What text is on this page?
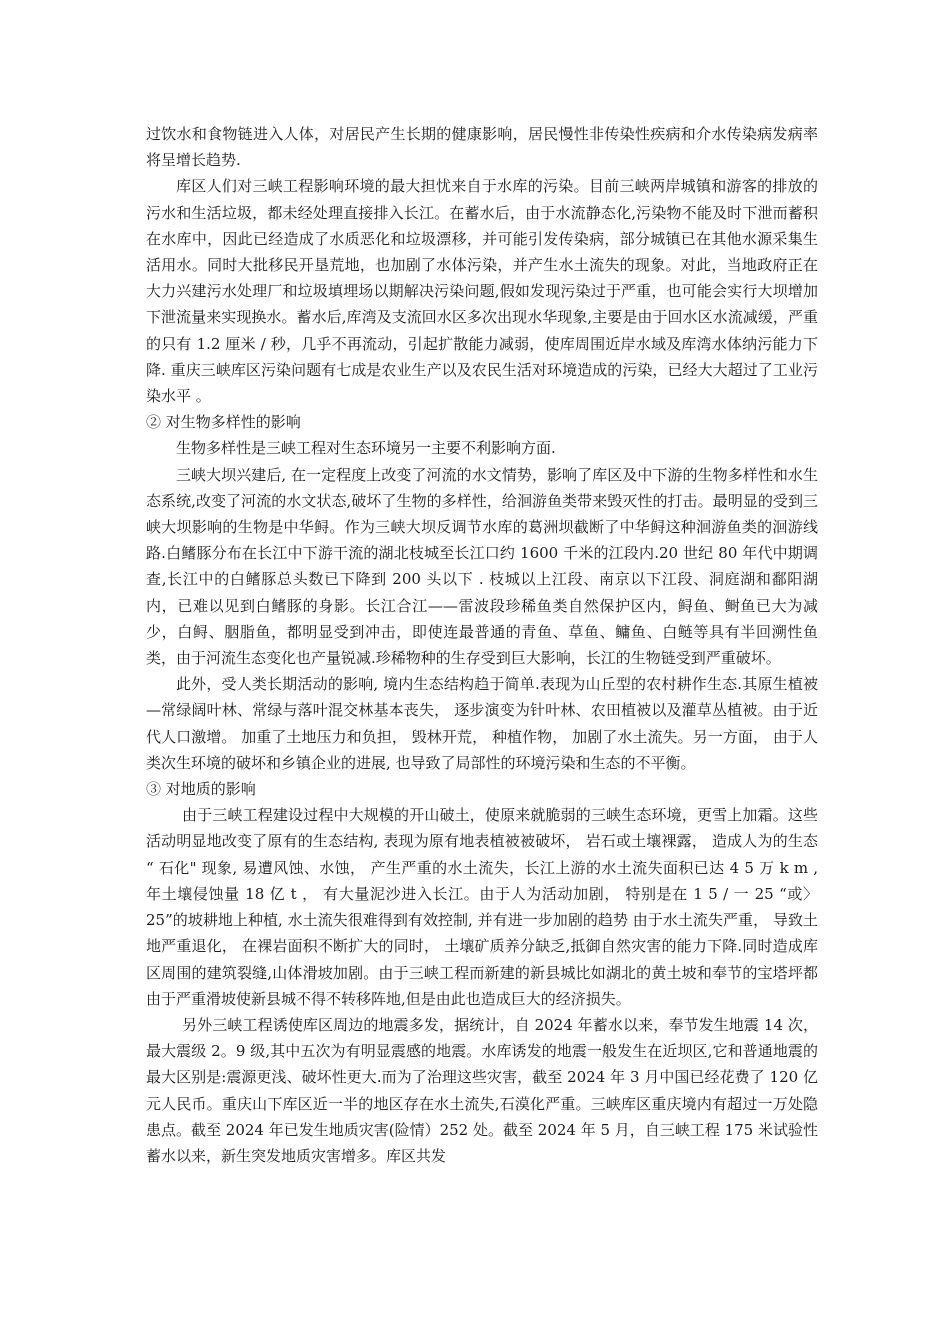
过饮水和食物链进入人体，对居民产生长期的健康影响，居民慢性非传染性疾病和介水传染病发病率将呈增长趋势.

库区人们对三峡工程影响环境的最大担忧来自于水库的污染。目前三峡两岸城镇和游客的排放的污水和生活垃圾，都未经处理直接排入长江。在蓄水后，由于水流静态化,污染物不能及时下泄而蓄积在水库中，因此已经造成了水质恶化和垃圾漂移，并可能引发传染病，部分城镇已在其他水源采集生活用水。同时大批移民开垦荒地，也加剧了水体污染，并产生水土流失的现象。对此，当地政府正在大力兴建污水处理厂和垃圾填埋场以期解决污染问题,假如发现污染过于严重，也可能会实行大坝增加下泄流量来实现换水。蓄水后,库湾及支流回水区多次出现水华现象,主要是由于回水区水流减缓，严重的只有 1.2 厘米 / 秒，几乎不再流动，引起扩散能力减弱，使库周围近岸水域及库湾水体纳污能力下降. 重庆三峡库区污染问题有七成是农业生产以及农民生活对环境造成的污染，已经大大超过了工业污染水平 。

② 对生物多样性的影响

生物多样性是三峡工程对生态环境另一主要不利影响方面.

三峡大坝兴建后, 在一定程度上改变了河流的水文情势，影响了库区及中下游的生物多样性和水生态系统,改变了河流的水文状态,破坏了生物的多样性，给洄游鱼类带来毁灭性的打击。最明显的受到三峡大坝影响的生物是中华鲟。作为三峡大坝反调节水库的葛洲坝截断了中华鲟这种洄游鱼类的洄游线路.白鳍豚分布在长江中下游干流的湖北枝城至长江口约 1600 千米的江段内.20 世纪 80 年代中期调查,长江中的白鳍豚总头数已下降到 200 头以下 . 枝城以上江段、南京以下江段、洞庭湖和鄱阳湖内，已难以见到白鳍豚的身影。长江合江——雷波段珍稀鱼类自然保护区内，鲟鱼、鲥鱼已大为减少，白鲟、胭脂鱼，都明显受到冲击，即使连最普通的青鱼、草鱼、鳙鱼、白鲢等具有半回溯性鱼类，由于河流生态变化也产量锐减.珍稀物种的生存受到巨大影响，长江的生物链受到严重破坏。

此外，受人类长期活动的影响, 境内生态结构趋于简单.表现为山丘型的农村耕作生态.其原生植被—常绿阔叶林、常绿与落叶混交林基本丧失， 逐步演变为针叶林、农田植被以及灌草丛植被。由于近代人口激增。 加重了土地压力和负担， 毁林开荒， 种植作物， 加剧了水土流失。另一方面， 由于人类次生环境的破坏和乡镇企业的进展, 也导致了局部性的环境污染和生态的不平衡。

③ 对地质的影响

由于三峡工程建设过程中大规模的开山破土，使原来就脆弱的三峡生态环境，更雪上加霜。这些活动明显地改变了原有的生态结构, 表现为原有地表植被被破坏， 岩石或土壤裸露， 造成人为的生态 “ 石化" 现象, 易遭风蚀、水蚀， 产生严重的水土流失，长江上游的水土流失面积已达 4 5 万 k m , 年土壤侵蚀量 18 亿 t ， 有大量泥沙进入长江。由于人为活动加剧， 特别是在 1 5 / 一 25 “或〉 25”的坡耕地上种植, 水土流失很难得到有效控制, 并有进一步加剧的趋势 由于水土流失严重， 导致土地严重退化， 在裸岩面积不断扩大的同时， 土壤矿质养分缺乏,抵御自然灾害的能力下降.同时造成库区周围的建筑裂缝,山体滑坡加剧。由于三峡工程而新建的新县城比如湖北的黄土坡和奉节的宝塔坪都由于严重滑坡使新县城不得不转移阵地,但是由此也造成巨大的经济损失。

另外三峡工程诱使库区周边的地震多发，据统计，自 2024 年蓄水以来，奉节发生地震 14 次，最大震级 2。9 级,其中五次为有明显震感的地震。水库诱发的地震一般发生在近坝区,它和普通地震的最大区别是:震源更浅、破坏性更大.而为了治理这些灾害，截至 2024 年 3 月中国已经花费了 120 亿元人民币。重庆山下库区近一半的地区存在水土流失,石漠化严重。三峡库区重庆境内有超过一万处隐患点。截至 2024 年已发生地质灾害(险情）252 处。截至 2024 年 5 月，自三峡工程 175 米试验性蓄水以来，新生突发地质灾害增多。库区共发
